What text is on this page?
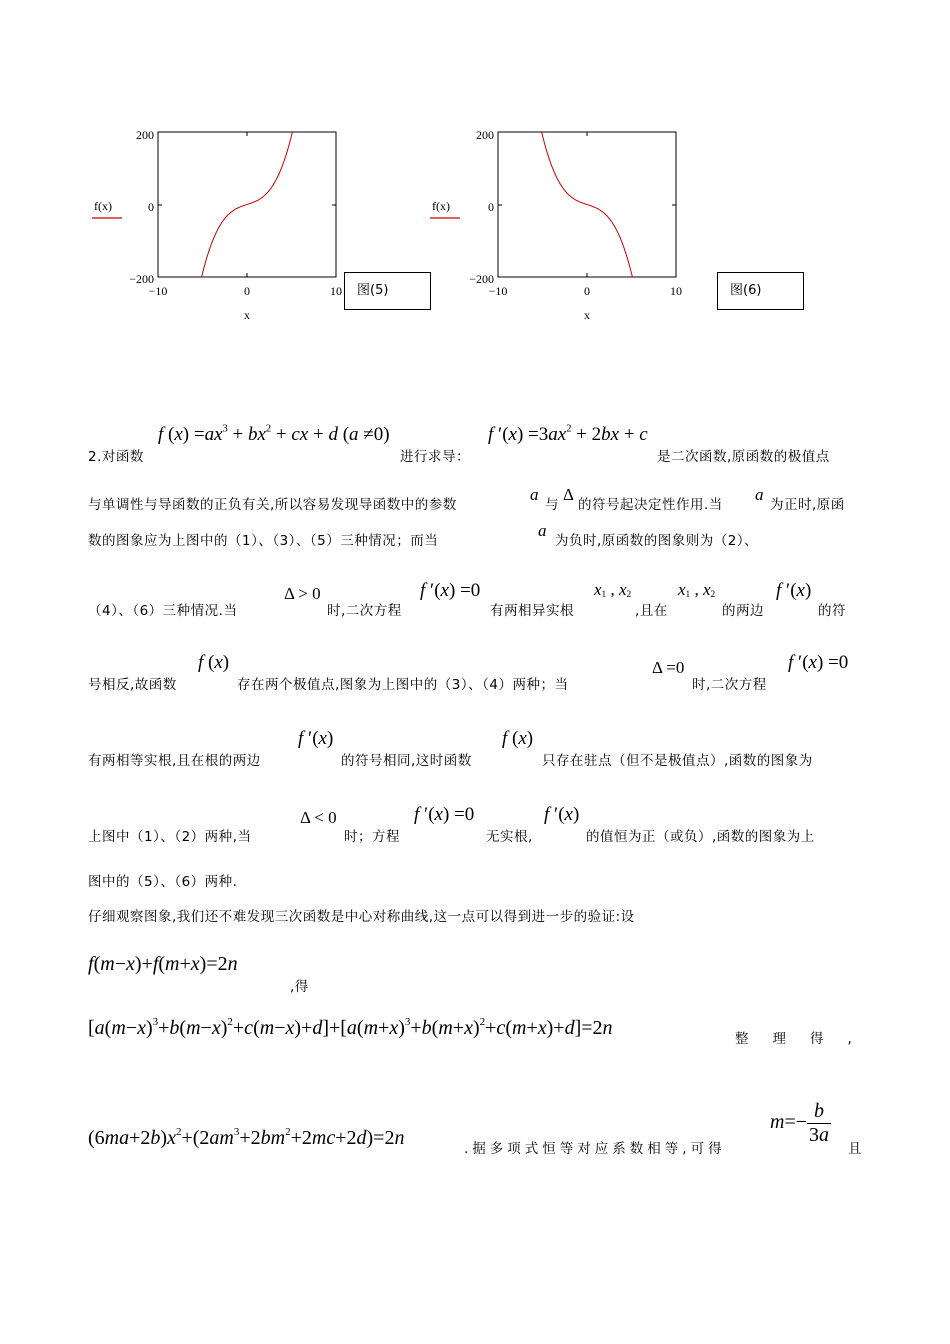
200
0
−200
f(x)
−10	0	10
x
图(5)
200
0
−200
f(x)
−10	0	10
x
图(6)
2.对函数
f $(x) =ax^3 + bx^2$ + cx + d (a ≠0)
进行求导：
f $'(x) =3ax^2 + 2bx + c$
是二次函数,原函数的极值点
与单调性与导函数的正负有关,所以容易发现导函数中的参数
a
与
Δ
的符号起决定性作用.当
a
为正时,原函
数的图象应为上图中的（1）、（3）、（5）三种情况；而当
a
为负时,原函数的图象则为（2）、
（4）、（6）三种情况.当
Δ > 0
时,二次方程
f ′(x) =0
有两相异实根
$x_1$ , $x_2$
,且在
$x_1$ , $x_2$
的两边
f ′(x)
的符
号相反,故函数
f (x)
存在两个极值点,图象为上图中的（3）、（4）两种；当
Δ =0
时,二次方程
f ′(x) =0
有两相等实根,且在根的两边
f ′(x)
的符号相同,这时函数
f (x)
只存在驻点（但不是极值点）,函数的图象为
上图中（1）、（2）两种,当
Δ < 0
时；方程
f ′(x) =0
无实根,
f ′(x)
的值恒为正（或负）,函数的图象为上
图中的（5）、（6）两种.
仔细观察图象,我们还不难发现三次函数是中心对称曲线,这一点可以得到进一步的验证:设
f(m−x)+f(m+x)=2n
,得
$[a(m-x)^3+b(m-x)^2+c(m-x)+d]+[a(m+x)^3+b(m+x)^2+c(m+x)+d]=2n$	整理得,
$(6ma+2b)x^2+(2am^3+2bm^2+2mc+2d)=2n$	.据多项式恒等对应系数相等,可得
$m=- \frac{b}{3a}$
且
